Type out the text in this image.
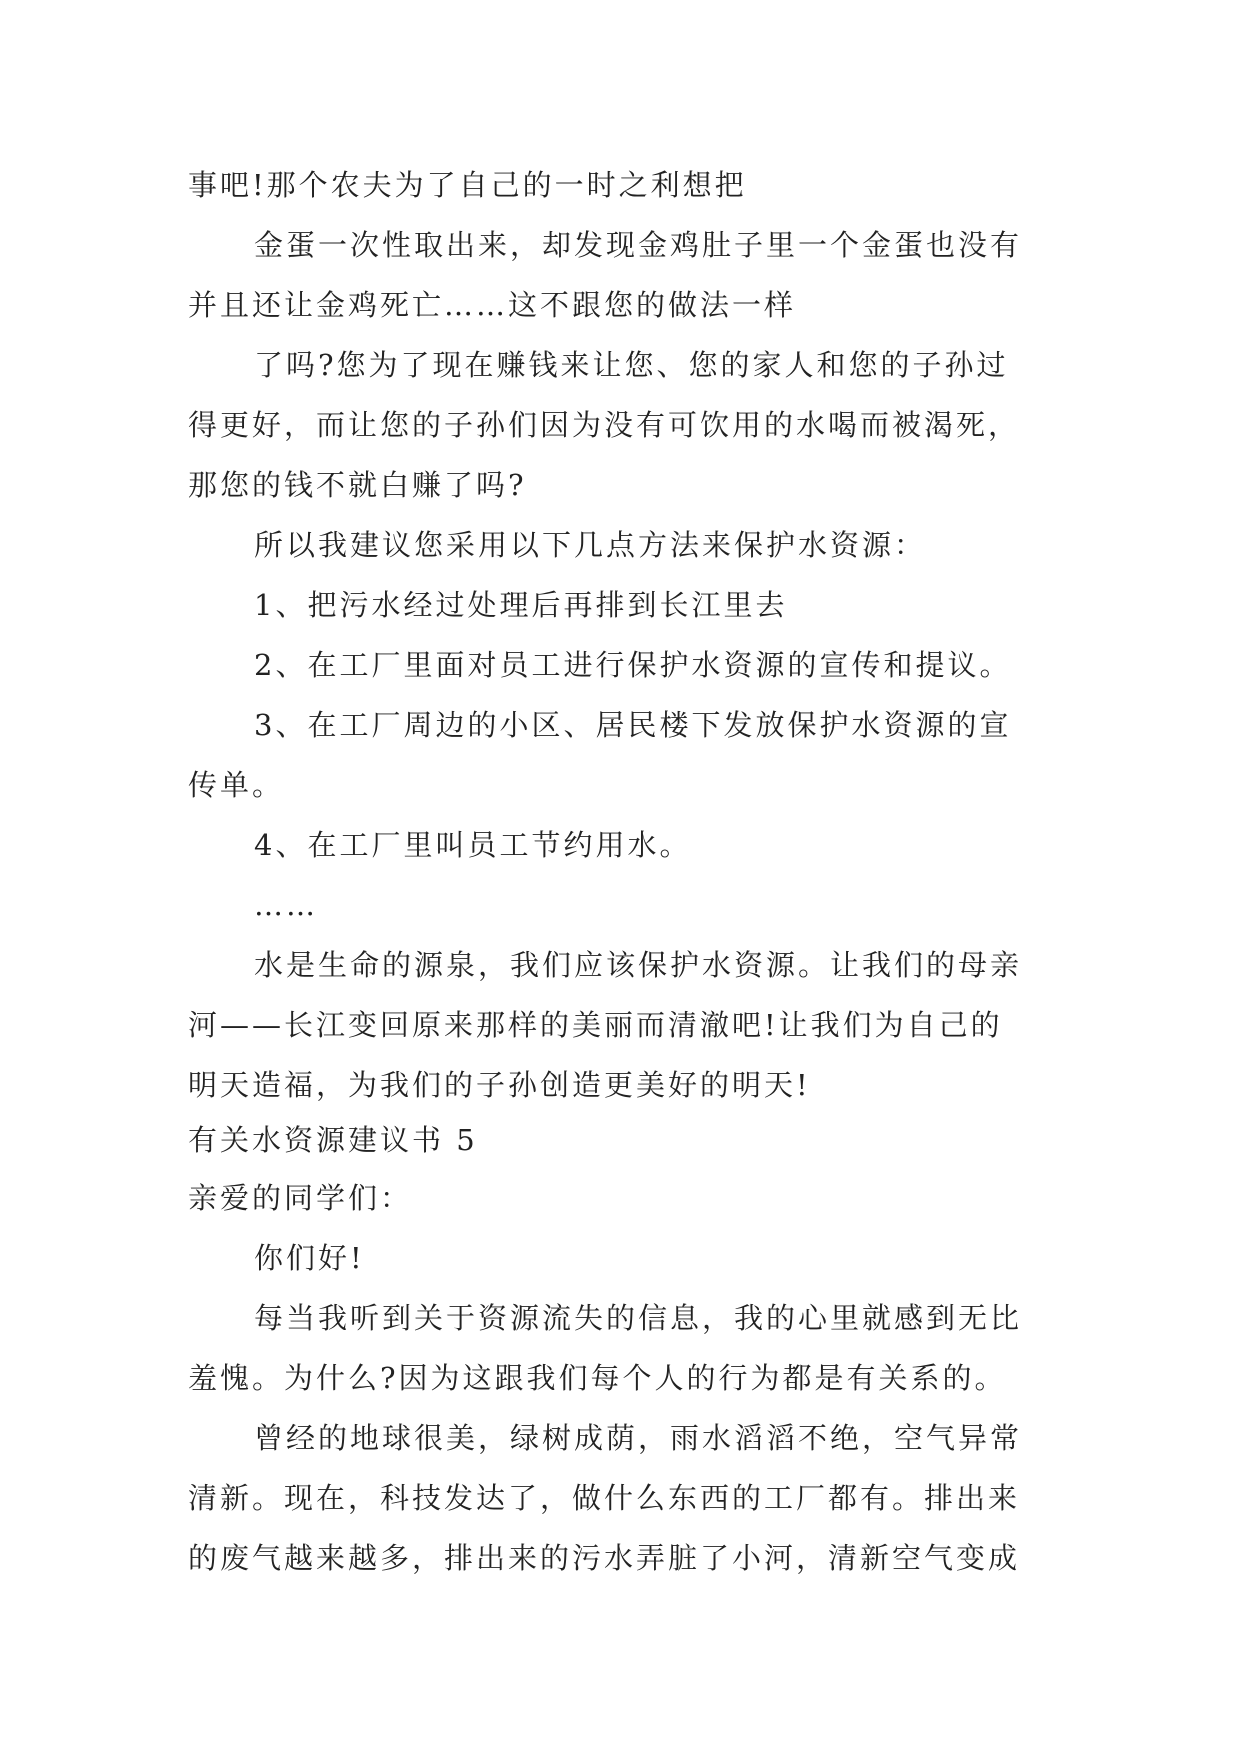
事吧!那个农夫为了自己的一时之利想把

金蛋一次性取出来，却发现金鸡肚子里一个金蛋也没有

并且还让金鸡死亡……这不跟您的做法一样

了吗?您为了现在赚钱来让您、您的家人和您的子孙过

得更好，而让您的子孙们因为没有可饮用的水喝而被渴死，

那您的钱不就白赚了吗?

所以我建议您采用以下几点方法来保护水资源：

1、把污水经过处理后再排到长江里去

2、在工厂里面对员工进行保护水资源的宣传和提议。

3、在工厂周边的小区、居民楼下发放保护水资源的宣

传单。

4、在工厂里叫员工节约用水。

……

水是生命的源泉，我们应该保护水资源。让我们的母亲

河——长江变回原来那样的美丽而清澈吧!让我们为自己的

明天造福，为我们的子孙创造更美好的明天!

有关水资源建议书 5

亲爱的同学们：

你们好!

每当我听到关于资源流失的信息，我的心里就感到无比

羞愧。为什么?因为这跟我们每个人的行为都是有关系的。

曾经的地球很美，绿树成荫，雨水滔滔不绝，空气异常

清新。现在，科技发达了，做什么东西的工厂都有。排出来

的废气越来越多，排出来的污水弄脏了小河，清新空气变成
